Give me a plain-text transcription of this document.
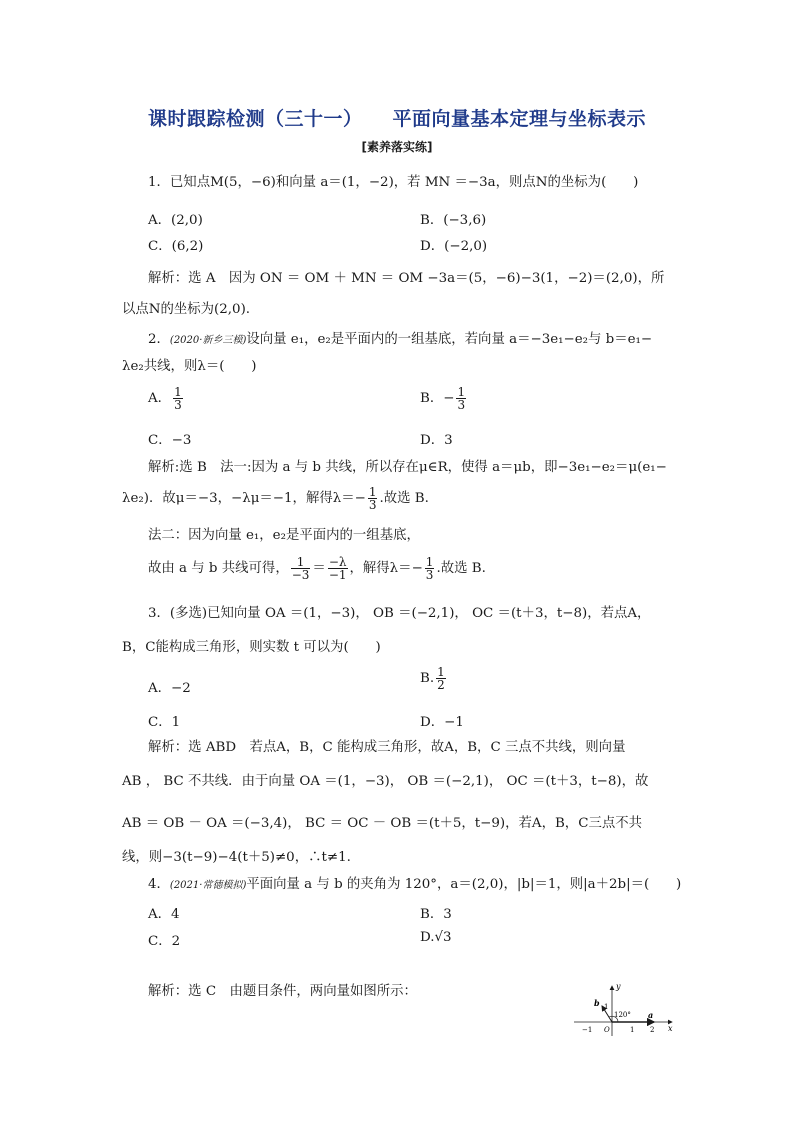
课时跟踪检测（三十一） 平面向量基本定理与坐标表示
[素养落实练]
1．已知点M(5，−6)和向量 a＝(1，−2)，若 MN ＝−3a，则点N的坐标为(　　)
A．(2,0)	B．(−3,6)
C．(6,2)	D．(−2,0)
解析：选 A　因为 ON ＝ OM ＋ MN ＝ OM −3a＝(5，−6)−3(1，−2)＝(2,0)，所
以点N的坐标为(2,0).
2．(2020·新乡三模)设向量 e₁，e₂是平面内的一组基底，若向量 a＝−3e₁−e₂与 b＝e₁−
λe₂共线，则λ＝(　　)
A． $\frac{1}{3}$	B．− $\frac{1}{3}$
C．−3	D．3
解析:选 B　法一:因为 a 与 b 共线，所以存在μ∈R，使得 a＝μb，即−3e₁−e₂＝μ(e₁−
λe₂)．故μ＝−3，−λμ＝−1，解得$\lambda=- \frac{1}{3}$ .故选 B.
法二：因为向量 e₁，e₂是平面内的一组基底，
故由 a 与 b 共线可得， $\frac{1}{-3} = \frac{-\lambda}{-1}$ ，解得$\lambda=- \frac{1}{3}$ .故选 B.
3．(多选)已知向量 OA ＝(1，−3)， OB ＝(−2,1)， OC ＝(t＋3，t−8)，若点A，
B，C能构成三角形，则实数 t 可以为(　　)
A．−2
B. $\frac{1}{2}$
C．1	D．−1
解析：选 ABD　若点A，B，C 能构成三角形，故A，B，C 三点不共线，则向量
AB ， BC 不共线．由于向量 OA ＝(1，−3)， OB ＝(−2,1)， OC ＝(t＋3，t−8)，故
AB ＝ OB － OA ＝(−3,4)， BC ＝ OC － OB ＝(t＋5，t−9)，若A，B，C三点不共
线，则−3(t−9)−4(t＋5)≠0，∴t≠1.
4．(2021·常德模拟)平面向量 a 与 b 的夹角为 120°，a＝(2,0)，|b|＝1，则|a＋2b|＝(　　)
A．4	B．3
C．2	D.√3
解析：选 C　由题目条件，两向量如图所示：	y
x
b
a
120°
O
−1	1 2
1
